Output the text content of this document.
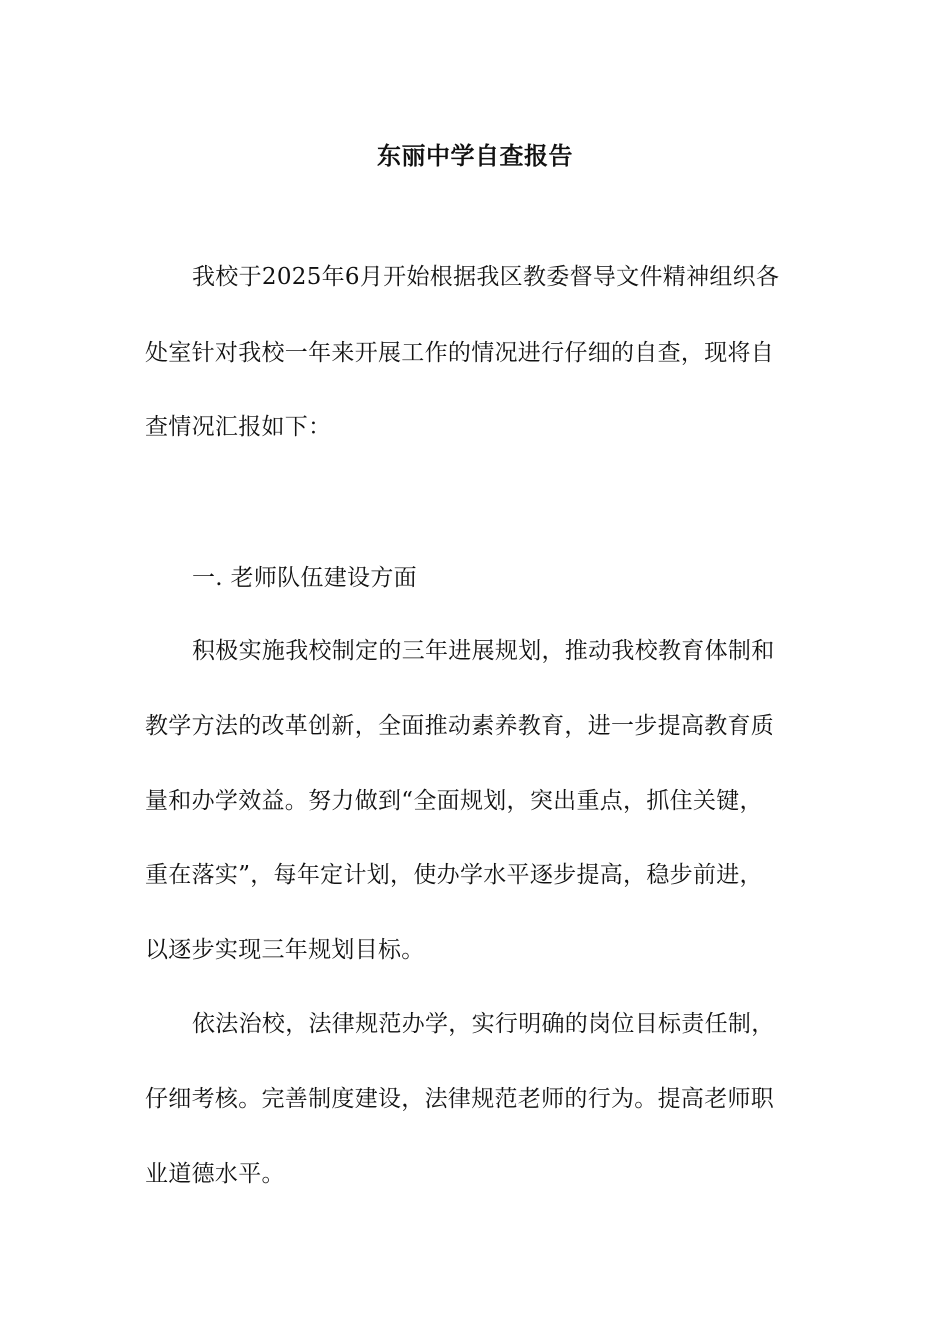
东丽中学自查报告
我校于2025年6月开始根据我区教委督导文件精神组织各
处室针对我校一年来开展工作的情况进行仔细的自查，现将自
查情况汇报如下：
一. 老师队伍建设方面
积极实施我校制定的三年进展规划，推动我校教育体制和
教学方法的改革创新，全面推动素养教育，进一步提高教育质
量和办学效益。努力做到“全面规划，突出重点，抓住关键，
重在落实”，每年定计划，使办学水平逐步提高，稳步前进，
以逐步实现三年规划目标。
依法治校，法律规范办学，实行明确的岗位目标责任制，
仔细考核。完善制度建设，法律规范老师的行为。提高老师职
业道德水平。
